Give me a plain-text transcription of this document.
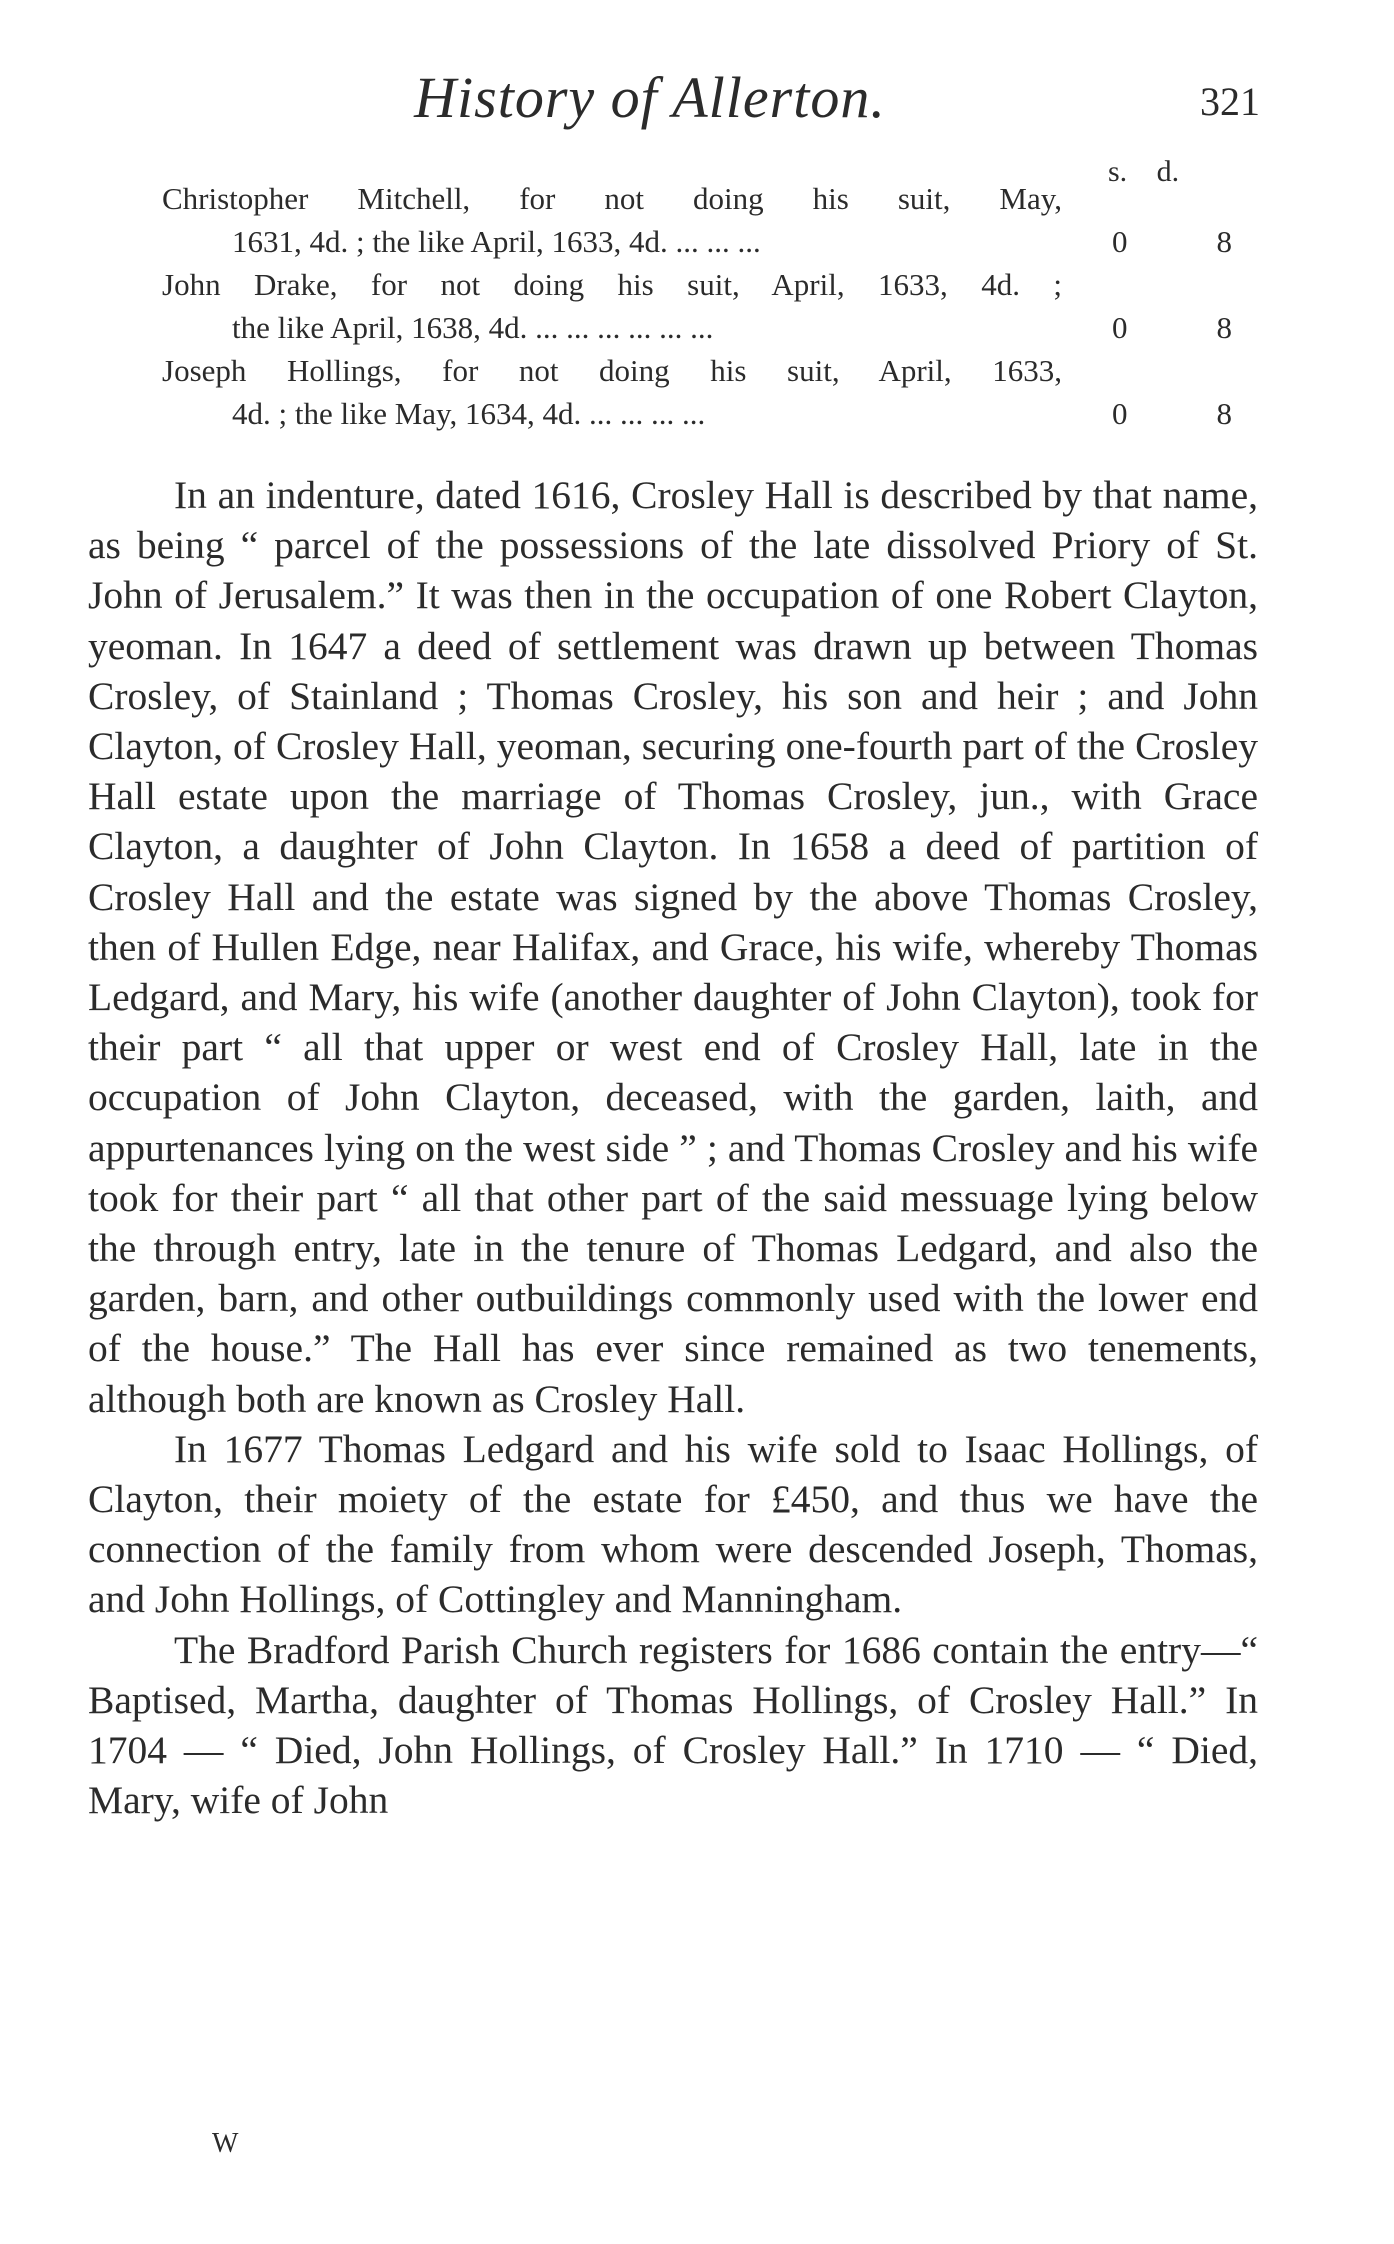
History of Allerton.	321
s. d.
Christopher Mitchell, for not doing his suit, May,
1631, 4d. ; the like April, 1633, 4d. ... ... ...	0	8
John Drake, for not doing his suit, April, 1633, 4d. ;
the like April, 1638, 4d. ... ... ... ... ... ...	0	8
Joseph Hollings, for not doing his suit, April, 1633,
4d. ; the like May, 1634, 4d. ... ... ... ...	0	8

In an indenture, dated 1616, Crosley Hall is described by that name, as being “ parcel of the possessions of the late dissolved Priory of St. John of Jerusalem.” It was then in the occupation of one Robert Clayton, yeoman. In 1647 a deed of settlement was drawn up between Thomas Crosley, of Stainland ; Thomas Crosley, his son and heir ; and John Clayton, of Crosley Hall, yeoman, securing one-fourth part of the Crosley Hall estate upon the marriage of Thomas Crosley, jun., with Grace Clayton, a daughter of John Clayton. In 1658 a deed of partition of Crosley Hall and the estate was signed by the above Thomas Crosley, then of Hullen Edge, near Halifax, and Grace, his wife, whereby Thomas Ledgard, and Mary, his wife (another daughter of John Clayton), took for their part “ all that upper or west end of Crosley Hall, late in the occupation of John Clayton, deceased, with the garden, laith, and appurtenances lying on the west side ” ; and Thomas Crosley and his wife took for their part “ all that other part of the said messuage lying below the through entry, late in the tenure of Thomas Ledgard, and also the garden, barn, and other outbuildings commonly used with the lower end of the house.” The Hall has ever since remained as two tenements, although both are known as Crosley Hall.

In 1677 Thomas Ledgard and his wife sold to Isaac Hollings, of Clayton, their moiety of the estate for £450, and thus we have the connection of the family from whom were descended Joseph, Thomas, and John Hollings, of Cottingley and Manningham.

The Bradford Parish Church registers for 1686 contain the entry—“ Baptised, Martha, daughter of Thomas Hollings, of Crosley Hall.” In 1704 — “ Died, John Hollings, of Crosley Hall.” In 1710 — “ Died, Mary, wife of John

W
